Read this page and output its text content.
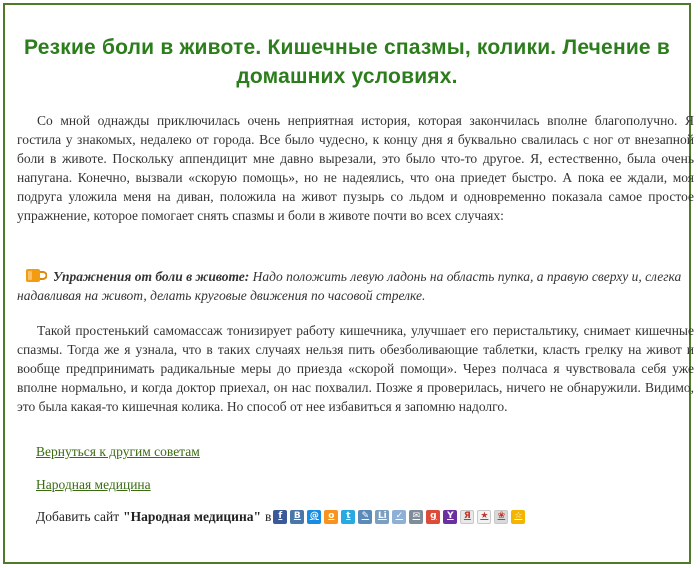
Резкие боли в животе. Кишечные спазмы, колики. Лечение в домашних условиях.

Со мной однажды приключилась очень неприятная история, которая закончилась вполне благополучно. Я гостила у знакомых, недалеко от города. Все было чудесно, к концу дня я буквально свалилась с ног от внезапной боли в животе. Поскольку аппендицит мне давно вырезали, это было что-то другое. Я, естественно, была очень напугана. Конечно, вызвали «скорую помощь», но не надеялись, что она приедет быстро. А пока ее ждали, моя подруга уложила меня на диван, положила на живот пузырь со льдом и одновременно показала самое простое упражнение, которое помогает снять спазмы и боли в животе почти во всех случаях:

Упражнения от боли в животе: Надо положить левую ладонь на область пупка, а правую сверху и, слегка надавливая на живот, делать круговые движения по часовой стрелке.

Такой простенький самомассаж тонизирует работу кишечника, улучшает его перистальтику, снимает кишечные спазмы. Тогда же я узнала, что в таких случаях нельзя пить обезболивающие таблетки, класть грелку на живот и вообще предпринимать радикальные меры до приезда «скорой помощи». Через полчаса я чувствовала себя уже вполне нормально, и когда доктор приехал, он нас похвалил. Позже я проверилась, ничего не обнаружили. Видимо, это была какая-то кишечная колика. Но способ от нее избавиться я запомню надолго.

Вернуться к другим советам
Народная медицина
Добавить сайт "Народная медицина" в f	B	@	o	t	✎ Li ✓	✉	g	Y	Я	★	❀	☆
